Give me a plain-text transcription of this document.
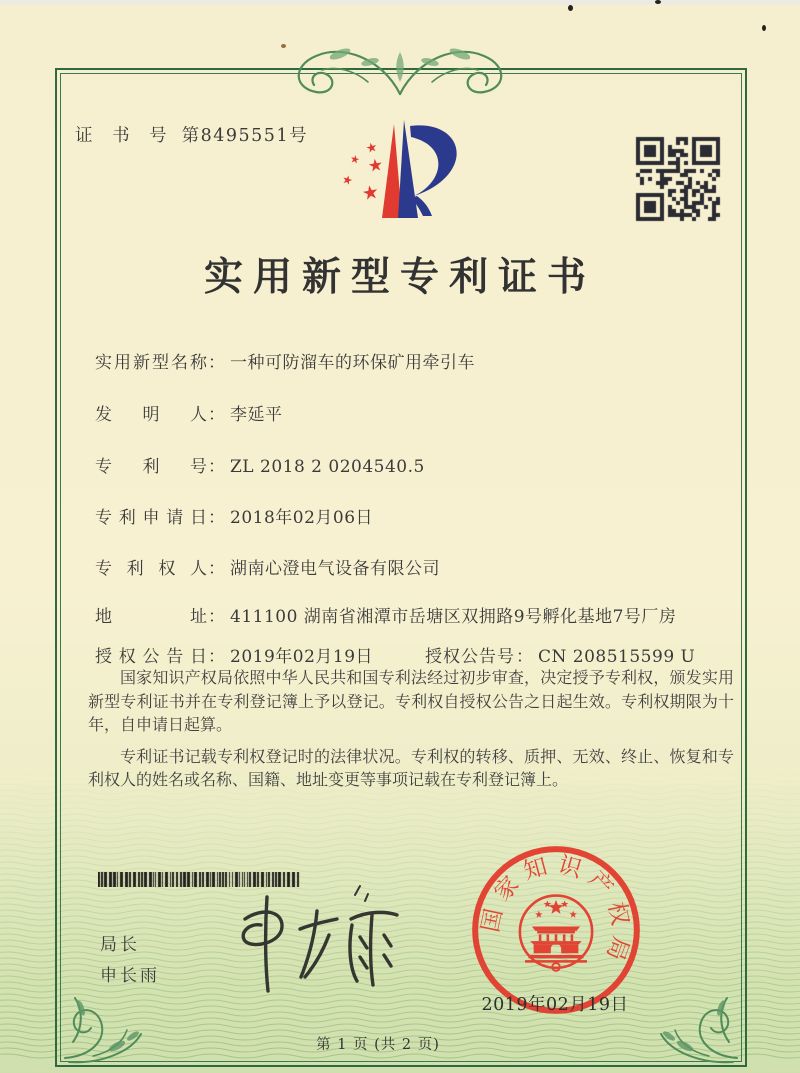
证 书 号 第8495551号
★
★ ★
★
★
实用新型专利证书
实用新型名称： 一种可防溜车的环保矿用牵引车
发明人： 李延平
专利号： ZL 2018 2 0204540.5
专利申请日： 2018年02月06日
专利权人： 湖南心澄电气设备有限公司
地址： 411100 湖南省湘潭市岳塘区双拥路9号孵化基地7号厂房
授权公告日： 2019年02月19日	授权公告号： CN 208515599 U

国家知识产权局依照中华人民共和国专利法经过初步审查，决定授予专利权，颁发实用新型专利证书并在专利登记簿上予以登记。专利权自授权公告之日起生效。专利权期限为十年，自申请日起算。

专利证书记载专利权登记时的法律状况。专利权的转移、质押、无效、终止、恢复和专利权人的姓名或名称、国籍、地址变更等事项记载在专利登记簿上。

局长
申长雨
国家知识产权局
2019年02月19日
第 1 页 (共 2 页)
